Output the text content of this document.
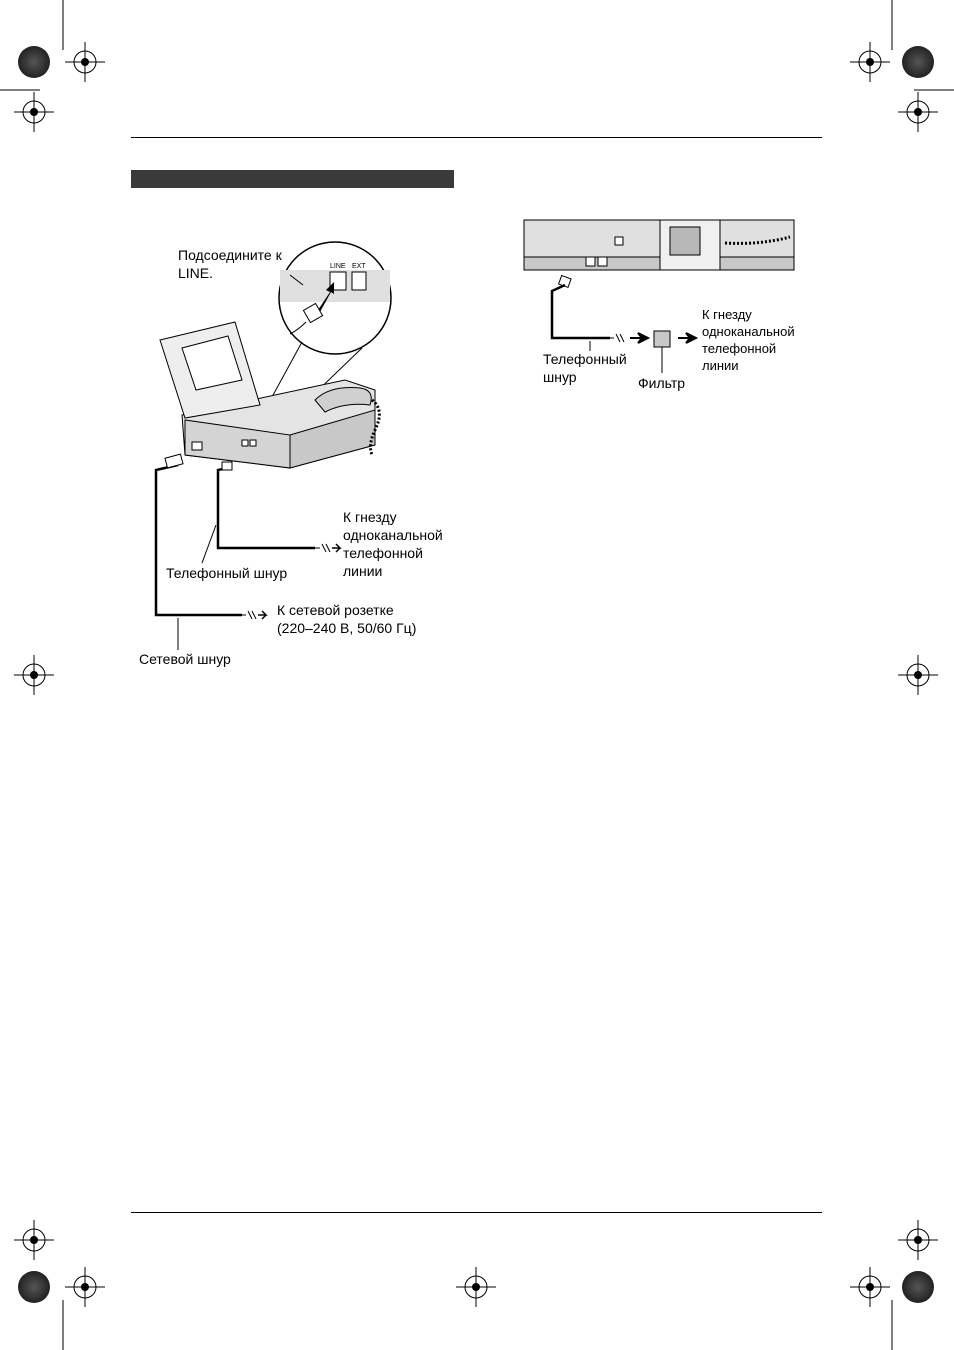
LINE EXT
Подсоедините к
LINE.
К гнезду
одноканальной
телефонной
линии
Телефонный шнур
К сетевой розетке
(220–240 В, 50/60 Гц)
Сетевой шнур
К гнезду
одноканальной
телефонной
линии
Телефонный
шнур	Фильтр
